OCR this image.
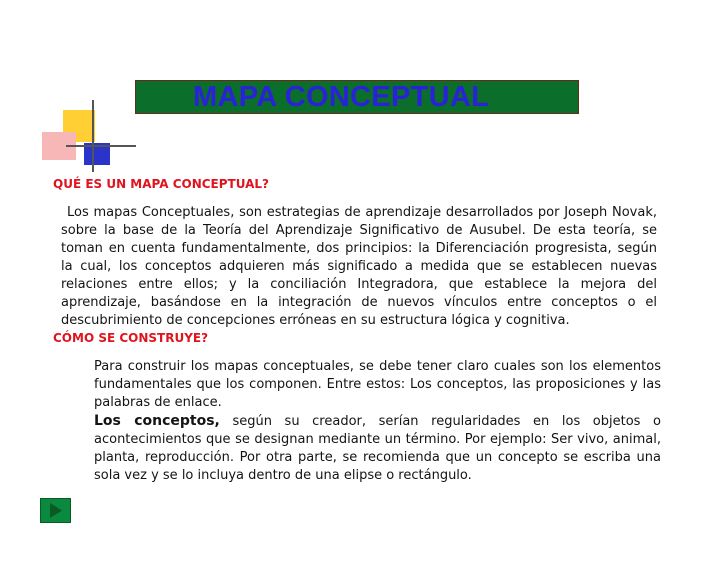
MAPA CONCEPTUAL
QUÉ ES UN MAPA CONCEPTUAL?

Los mapas Conceptuales, son estrategias de aprendizaje desarrollados por Joseph Novak, sobre la base de la Teoría del Aprendizaje Significativo de Ausubel. De esta teoría, se toman en cuenta fundamentalmente, dos principios: la Diferenciación progresista, según la cual, los conceptos adquieren más significado a medida que se establecen nuevas relaciones entre ellos; y la conciliación Integradora, que establece la mejora del aprendizaje, basándose en la integración de nuevos vínculos entre conceptos o el descubrimiento de concepciones erróneas en su estructura lógica y cognitiva.

CÓMO SE CONSTRUYE?
Para construir los mapas conceptuales, se debe tener claro cuales son los elementos fundamentales que los componen. Entre estos: Los conceptos, las proposiciones y las palabras de enlace.
Los conceptos, según su creador, serían regularidades en los objetos o acontecimientos que se designan mediante un término. Por ejemplo: Ser vivo, animal, planta, reproducción. Por otra parte, se recomienda que un concepto se escriba una sola vez y se lo incluya dentro de una elipse o rectángulo.
